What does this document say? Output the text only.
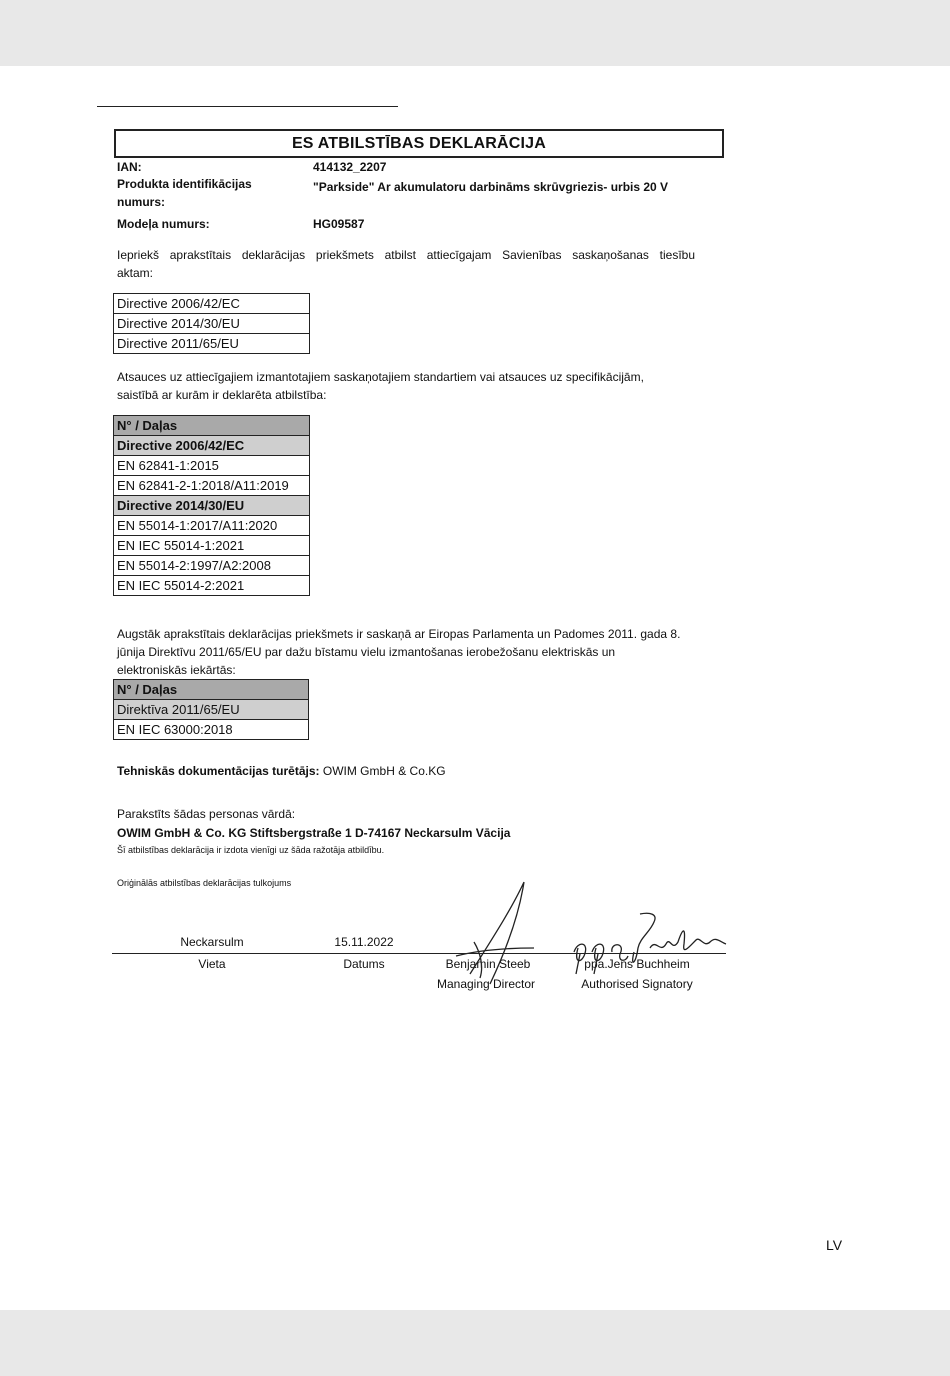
ES ATBILSTĪBAS DEKLARĀCIJA
IAN:	414132_2207
Produkta identifikācijas
numurs:
"Parkside" Ar akumulatoru darbināms skrūvgriezis- urbis 20 V
Modeļa numurs:	HG09587
Iepriekš aprakstītais deklarācijas priekšmets atbilst attiecīgajam Savienības saskaņošanas tiesību
aktam:
Directive 2006/42/EC
Directive 2014/30/EU
Directive 2011/65/EU
Atsauces uz attiecīgajiem izmantotajiem saskaņotajiem standartiem vai atsauces uz specifikācijām,
saistībā ar kurām ir deklarēta atbilstība:
N° / Daļas
Directive 2006/42/EC
EN 62841-1:2015
EN 62841-2-1:2018/A11:2019
Directive 2014/30/EU
EN 55014-1:2017/A11:2020
EN IEC 55014-1:2021
EN 55014-2:1997/A2:2008
EN IEC 55014-2:2021
Augstāk aprakstītais deklarācijas priekšmets ir saskaņā ar Eiropas Parlamenta un Padomes 2011. gada 8.
jūnija Direktīvu 2011/65/EU par dažu bīstamu vielu izmantošanas ierobežošanu elektriskās un
elektroniskās iekārtās:
N° / Daļas
Direktīva 2011/65/EU
EN IEC 63000:2018
Tehniskās dokumentācijas turētājs: OWIM GmbH & Co.KG
Parakstīts šādas personas vārdā:
OWIM GmbH & Co. KG Stiftsbergstraße 1 D-74167 Neckarsulm Vācija
Šī atbilstības deklarācija ir izdota vienīgi uz šāda ražotāja atbildību.
Oriģinālās atbilstības deklarācijas tulkojums
Neckarsulm	15.11.2022
Vieta	Datums	Benjamin Steeb
Managing Director
ppa.Jens Buchheim
Authorised Signatory
LV
